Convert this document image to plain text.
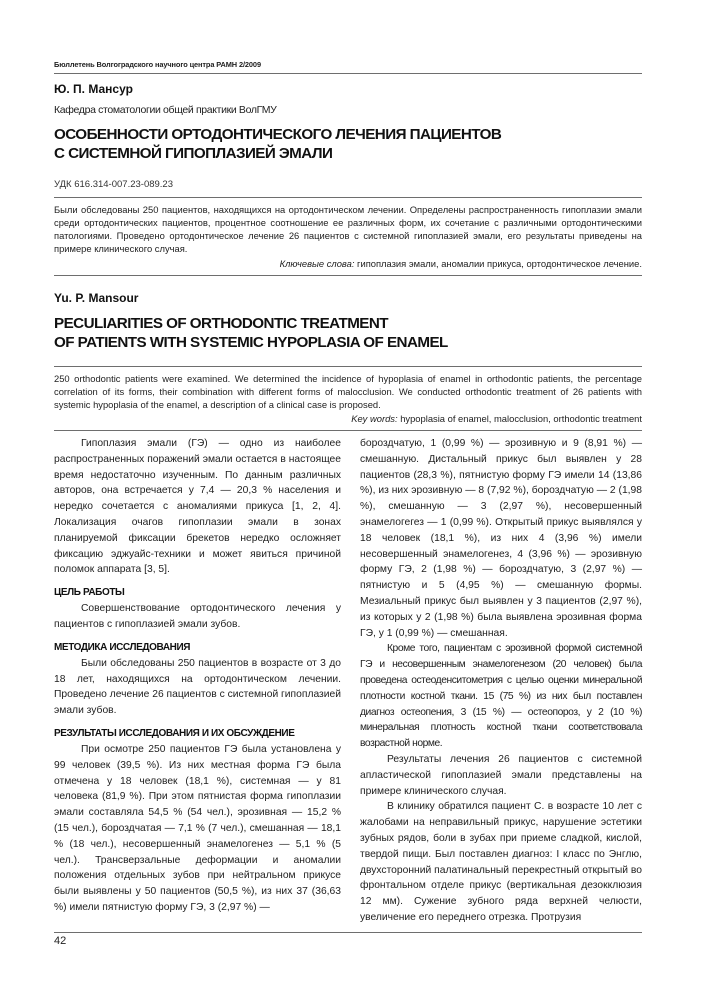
Бюллетень Волгоградского научного центра РАМН 2/2009
Ю. П. Мансур
Кафедра стоматологии общей практики ВолГМУ
ОСОБЕННОСТИ ОРТОДОНТИЧЕСКОГО ЛЕЧЕНИЯ ПАЦИЕНТОВ
С СИСТЕМНОЙ ГИПОПЛАЗИЕЙ ЭМАЛИ
УДК 616.314-007.23-089.23

Были обследованы 250 пациентов, находящихся на ортодонтическом лечении. Определены распространенность гипоплазии эмали среди ортодонтических пациентов, процентное соотношение ее различных форм, их сочетание с различными ортодонтическими патологиями. Проведено ортодонтическое лечение 26 пациентов с системной гипоплазией эмали, его результаты приведены на примере клинического случая.

Ключевые слова: гипоплазия эмали, аномалии прикуса, ортодонтическое лечение.
Yu. P. Mansour
PECULIARITIES OF ORTHODONTIC TREATMENT
OF PATIENTS WITH SYSTEMIC HYPOPLASIA OF ENAMEL

250 orthodontic patients were examined. We determined the incidence of hypoplasia of enamel in orthodontic patients, the percentage correlation of its forms, their combination with different forms of malocclusion. We conducted orthodontic treatment of 26 patients with systemic hypoplasia of the enamel, a description of a clinical case is proposed.

Key words: hypoplasia of enamel, malocclusion, orthodontic treatment

Гипоплазия эмали (ГЭ) — одно из наиболее распространенных поражений эмали остается в настоящее время недостаточно изученным. По данным различных авторов, она встречается у 7,4 — 20,3 % населения и нередко сочетается с аномалиями прикуса [1, 2, 4]. Локализация очагов гипоплазии эмали в зонах планируемой фиксации брекетов нередко осложняет фиксацию эджуайс-техники и может явиться причиной поломок аппарата [3, 5].

ЦЕЛЬ РАБОТЫ

Совершенствование ортодонтического лечения у пациентов с гипоплазией эмали зубов.

МЕТОДИКА ИССЛЕДОВАНИЯ

Были обследованы 250 пациентов в возрасте от 3 до 18 лет, находящихся на ортодонтическом лечении. Проведено лечение 26 пациентов с системной гипоплазией эмали зубов.

РЕЗУЛЬТАТЫ ИССЛЕДОВАНИЯ И ИХ ОБСУЖДЕНИЕ

При осмотре 250 пациентов ГЭ была установлена у 99 человек (39,5 %). Из них местная форма ГЭ была отмечена у 18 человек (18,1 %), системная — у 81 человека (81,9 %). При этом пятнистая форма гипоплазии эмали составляла 54,5 % (54 чел.), эрозивная — 15,2 % (15 чел.), бороздчатая — 7,1 % (7 чел.), смешанная — 18,1 % (18 чел.), несовершенный энамелогенез — 5,1 % (5 чел.). Трансверзальные деформации и аномалии положения отдельных зубов при нейтральном прикусе были выявлены у 50 пациентов (50,5 %), из них 37 (36,63 %) имели пятнистую форму ГЭ, 3 (2,97 %) —

бороздчатую, 1 (0,99 %) — эрозивную и 9 (8,91 %) — смешанную. Дистальный прикус был выявлен у 28 пациентов (28,3 %), пятнистую форму ГЭ имели 14 (13,86 %), из них эрозивную — 8 (7,92 %), бороздчатую — 2 (1,98 %), смешанную — 3 (2,97 %), несовершенный энамелогегез — 1 (0,99 %). Открытый прикус выявлялся у 18 человек (18,1 %), из них 4 (3,96 %) имели несовершенный энамелогенез, 4 (3,96 %) — эрозивную форму ГЭ, 2 (1,98 %) — бороздчатую, 3 (2,97 %) — пятнистую и 5 (4,95 %) — смешанную формы. Мезиальный прикус был выявлен у 3 пациентов (2,97 %), из которых у 2 (1,98 %) была выявлена эрозивная форма ГЭ, у 1 (0,99 %) — смешанная.

Кроме того, пациентам с эрозивной формой системной ГЭ и несовершенным энамелогенезом (20 человек) была проведена остеоденситометрия с целью оценки минеральной плотности костной ткани. 15 (75 %) из них был поставлен диагноз остеопения, 3 (15 %) — остеопороз, у 2 (10 %) минеральная плотность костной ткани соответствовала возрастной норме.

Результаты лечения 26 пациентов с системной апластической гипоплазией эмали представлены на примере клинического случая.

В клинику обратился пациент С. в возрасте 10 лет с жалобами на неправильный прикус, нарушение эстетики зубных рядов, боли в зубах при приеме сладкой, кислой, твердой пищи. Был поставлен диагноз: I класс по Энглю, двухсторонний палатинальный перекрестный открытый во фронтальном отделе прикус (вертикальная дезокклюзия 12 мм). Сужение зубного ряда верхней челюсти, увеличение его переднего отрезка. Протрузия

42
